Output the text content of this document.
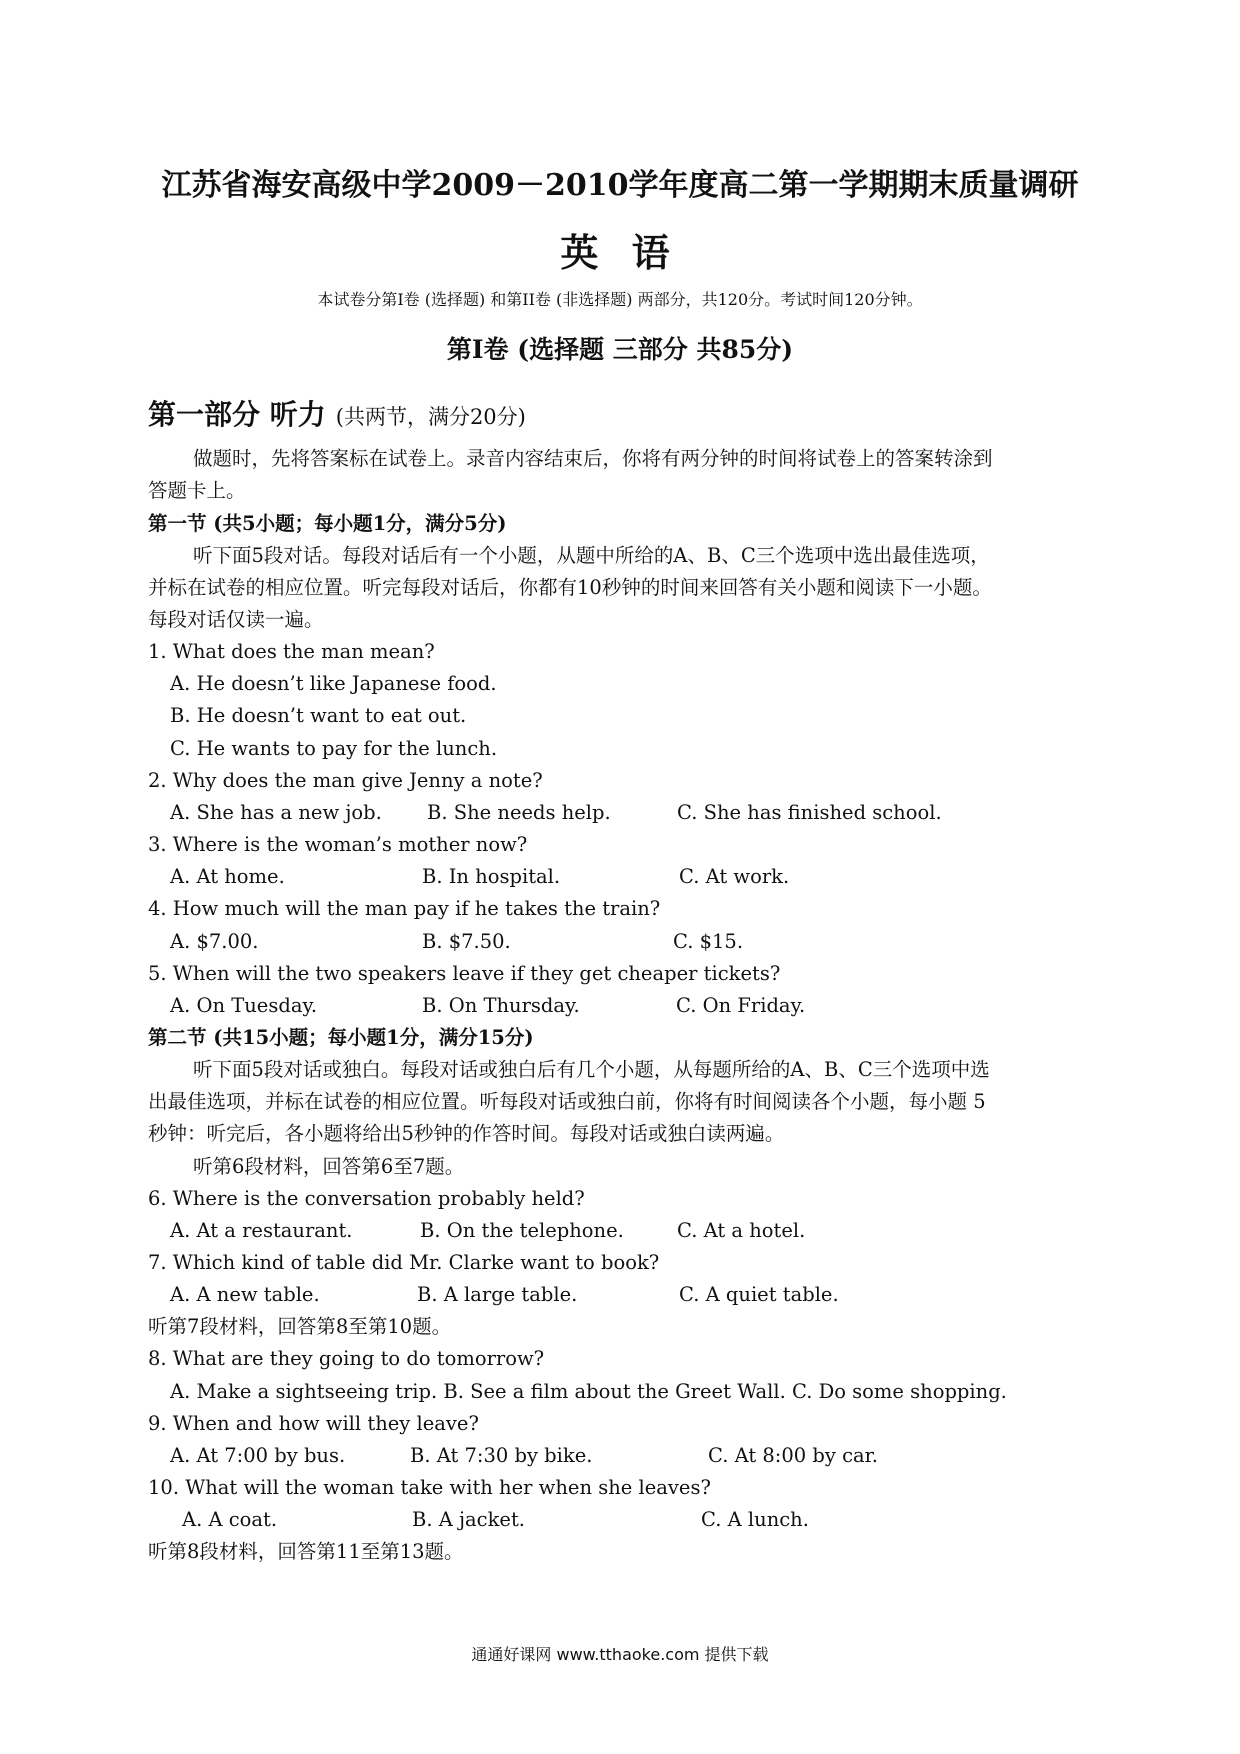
江苏省海安高级中学2009－2010学年度高二第一学期期末质量调研
英 语
本试卷分第Ⅰ卷 (选择题) 和第II卷 (非选择题) 两部分，共120分。考试时间120分钟。
第I卷 (选择题 三部分 共85分)
第一部分 听力 (共两节，满分20分)
做题时，先将答案标在试卷上。录音内容结束后，你将有两分钟的时间将试卷上的答案转涂到
答题卡上。
第一节 (共5小题；每小题1分，满分5分)
听下面5段对话。每段对话后有一个小题，从题中所给的A、B、C三个选项中选出最佳选项，
并标在试卷的相应位置。听完每段对话后，你都有10秒钟的时间来回答有关小题和阅读下一小题。
每段对话仅读一遍。
1. What does the man mean?
A. He doesn’t like Japanese food.
B. He doesn’t want to eat out.
C. He wants to pay for the lunch.
2. Why does the man give Jenny a note?
A. She has a new job. B. She needs help.	C. She has finished school.
3. Where is the woman’s mother now?
A. At home.	B. In hospital.	C. At work.
4. How much will the man pay if he takes the train?
A. $7.00.	B. $7.50.	C. $15.
5. When will the two speakers leave if they get cheaper tickets?
A. On Tuesday.	B. On Thursday.	C. On Friday.
第二节 (共15小题；每小题1分，满分15分)
听下面5段对话或独白。每段对话或独白后有几个小题，从每题所给的A、B、C三个选项中选
出最佳选项，并标在试卷的相应位置。听每段对话或独白前，你将有时间阅读各个小题，每小题 5
秒钟：听完后，各小题将给出5秒钟的作答时间。每段对话或独白读两遍。
听第6段材料，回答第6至7题。
6. Where is the conversation probably held?
A. At a restaurant.	B. On the telephone.	C. At a hotel.
7. Which kind of table did Mr. Clarke want to book?
A. A new table.	B. A large table.	C. A quiet table.
听第7段材料，回答第8至第10题。
8. What are they going to do tomorrow?
A. Make a sightseeing trip. B. See a film about the Greet Wall. C. Do some shopping.
9. When and how will they leave?
A. At 7:00 by bus.	B. At 7:30 by bike.	C. At 8:00 by car.
10. What will the woman take with her when she leaves?
A. A coat.	B. A jacket.	C. A lunch.
听第8段材料，回答第11至第13题。
通通好课网 www.tthaoke.com 提供下载
